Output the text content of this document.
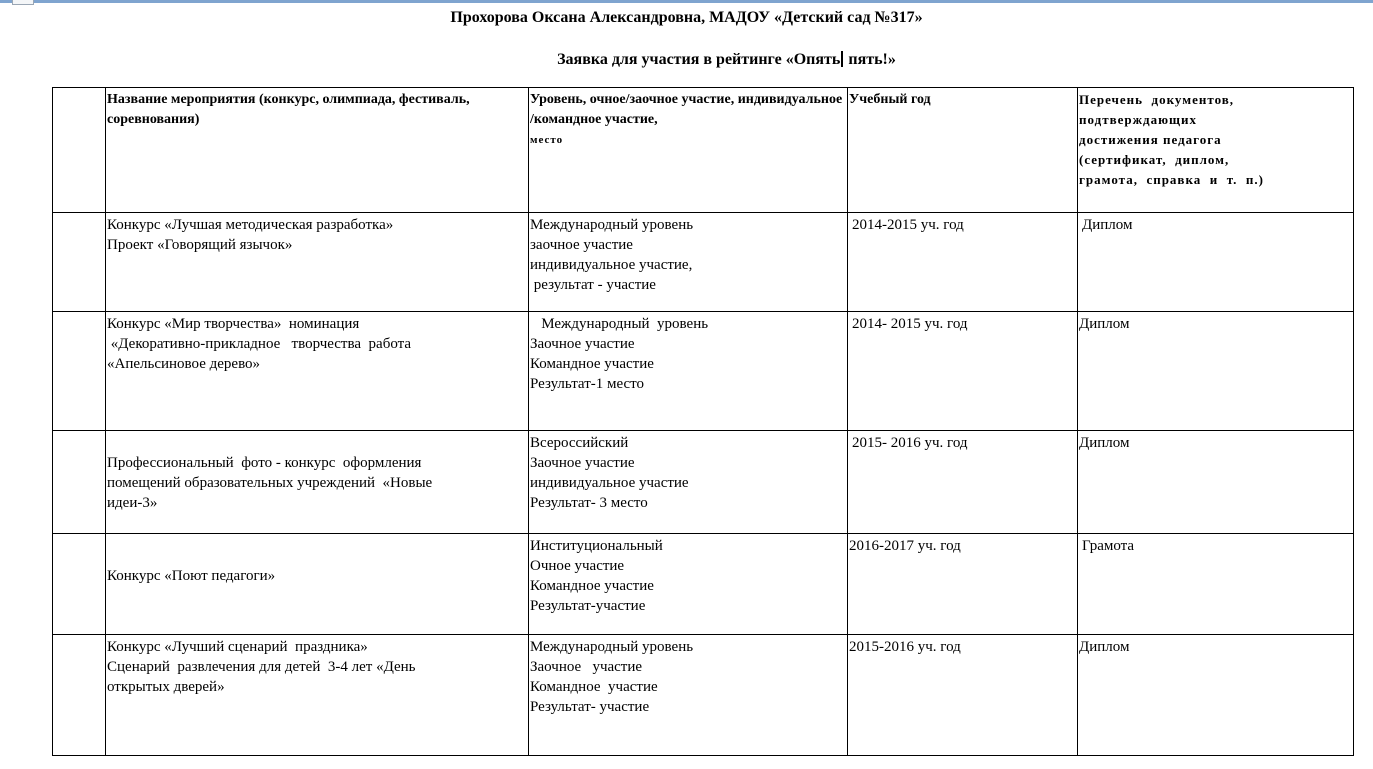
Прохорова Оксана Александровна, МАДОУ «Детский сад №317»
Заявка для участия в рейтинге «Опять пять!»

	Название мероприятия (конкурс, олимпиада, фестиваль, соревнования)	Уровень, очное/заочное участие, индивидуальное /командное участие,
место	Учебный год	Перечень  документов,
подтверждающих
достижения педагога
(сертификат,  диплом,
грамота,  справка  и  т.  п.)

	Конкурс «Лучшая методическая разработка»
Проект «Говорящий язычок»	Международный уровень
заочное участие
индивидуальное участие,
результат - участие	2014-2015 уч. год	Диплом

	Конкурс «Мир творчества»  номинация
«Декоративно-прикладное   творчества  работа
«Апельсиновое дерево»	Международный  уровень
Заочное участие
Командное участие
Результат-1 место	2014- 2015 уч. год	Диплом

	Профессиональный  фото - конкурс  оформления
помещений образовательных учреждений  «Новые
идеи-3»	Всероссийский
Заочное участие
индивидуальное участие
Результат- 3 место	2015- 2016 уч. год	Диплом

	Конкурс «Поют педагоги»	Институциональный
Очное участие
Командное участие
Результат-участие	2016-2017 уч. год	Грамота

	Конкурс «Лучший сценарий  праздника»
Сценарий  развлечения для детей  3-4 лет «День
открытых дверей»	Международный уровень
Заочное   участие
Командное  участие
Результат- участие	2015-2016 уч. год	Диплом
